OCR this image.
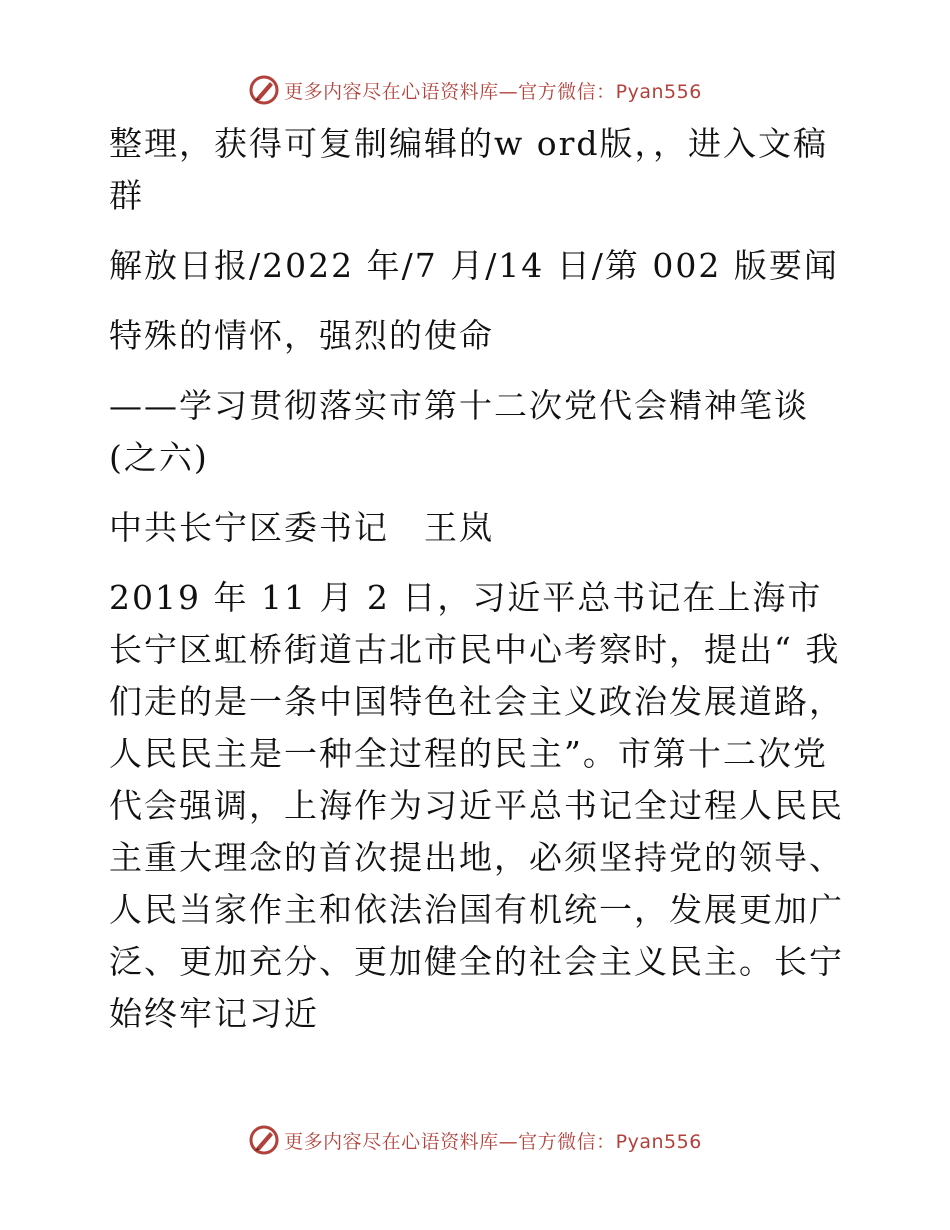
更多内容尽在心语资料库—官方微信：Pyan556

整理，获得可复制编辑的w ord版，，进入文稿群

解放日报/2022 年/7 月/14 日/第 002 版要闻

特殊的情怀，强烈的使命

——学习贯彻落实市第十二次党代会精神笔谈(之六)

中共长宁区委书记　王岚

2019 年 11 月 2 日，习近平总书记在上海市长宁区虹桥街道古北市民中心考察时，提出“ 我们走的是一条中国特色社会主义政治发展道路，人民民主是一种全过程的民主”。市第十二次党代会强调，上海作为习近平总书记全过程人民民主重大理念的首次提出地，必须坚持党的领导、人民当家作主和依法治国有机统一，发展更加广泛、更加充分、更加健全的社会主义民主。长宁始终牢记习近

更多内容尽在心语资料库—官方微信：Pyan556
